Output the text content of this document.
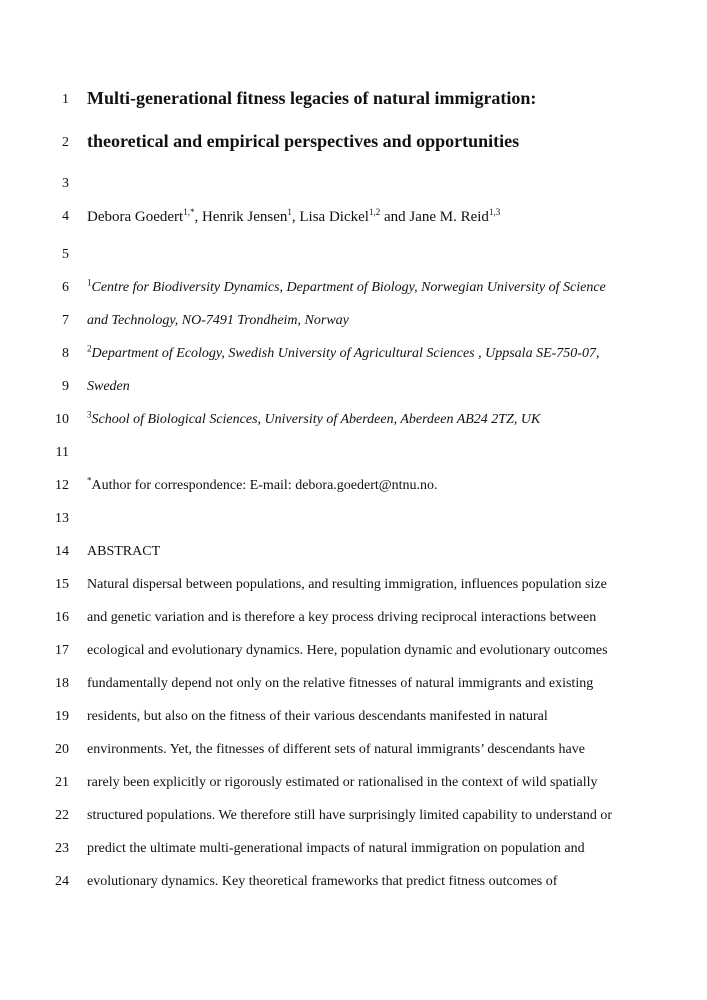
1 Multi-generational fitness legacies of natural immigration:
2 theoretical and empirical perspectives and opportunities
3
4 Debora Goedert$^{1,*}$, Henrik Jensen$^1$, Lisa Dickel$^{1,2}$ and Jane M. Reid$^{1,3}$
5
6 $^1$Centre for Biodiversity Dynamics, Department of Biology, Norwegian University of Science
7 and Technology, NO-7491 Trondheim, Norway
8 $^2$Department of Ecology, Swedish University of Agricultural Sciences , Uppsala SE-750-07,
9 Sweden
10 $^3$School of Biological Sciences, University of Aberdeen, Aberdeen AB24 2TZ, UK
11
12 *Author for correspondence: E-mail: debora.goedert@ntnu.no.
13
14 ABSTRACT
15 Natural dispersal between populations, and resulting immigration, influences population size
16 and genetic variation and is therefore a key process driving reciprocal interactions between
17 ecological and evolutionary dynamics. Here, population dynamic and evolutionary outcomes
18 fundamentally depend not only on the relative fitnesses of natural immigrants and existing
19 residents, but also on the fitness of their various descendants manifested in natural
20 environments. Yet, the fitnesses of different sets of natural immigrants’ descendants have
21 rarely been explicitly or rigorously estimated or rationalised in the context of wild spatially
22 structured populations. We therefore still have surprisingly limited capability to understand or
23 predict the ultimate multi-generational impacts of natural immigration on population and
24 evolutionary dynamics. Key theoretical frameworks that predict fitness outcomes of
